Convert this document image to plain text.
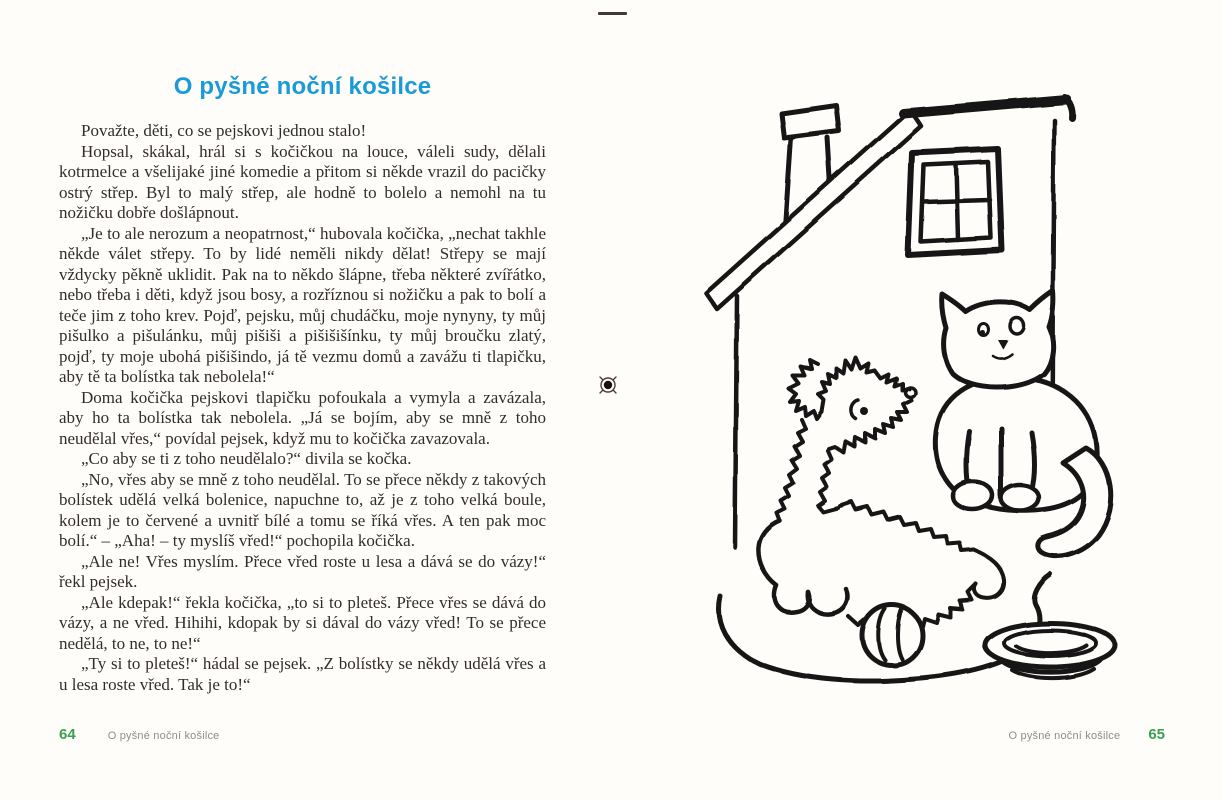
O pyšné noční košilce

Považte, děti, co se pejskovi jednou stalo!

Hopsal, skákal, hrál si s kočičkou na louce, váleli sudy, dělali kotrmelce a všelijaké jiné komedie a přitom si někde vrazil do pacičky ostrý střep. Byl to malý střep, ale hodně to bolelo a nemohl na tu nožičku dobře došlápnout.

„Je to ale nerozum a neopatrnost,“ hubovala kočička, „nechat takhle někde válet střepy. To by lidé neměli nikdy dělat! Střepy se mají vždycky pěkně uklidit. Pak na to někdo šlápne, třeba některé zvířátko, nebo třeba i děti, když jsou bosy, a rozříznou si nožičku a pak to bolí a teče jim z toho krev. Pojď, pejsku, můj chudáčku, moje nynyny, ty můj pišulko a pišulánku, můj pišiši a pišišišínku, ty můj broučku zlatý, pojď, ty moje ubohá pišišindo, já tě vezmu domů a zavážu ti tlapičku, aby tě ta bolístka tak nebolela!“

Doma kočička pejskovi tlapičku pofoukala a vymyla a zavázala, aby ho ta bolístka tak nebolela. „Já se bojím, aby se mně z toho neudělal vřes,“ povídal pejsek, když mu to kočička zavazovala.

„Co aby se ti z toho neudělalo?“ divila se kočka.

„No, vřes aby se mně z toho neudělal. To se přece někdy z takových bolístek udělá velká bolenice, napuchne to, až je z toho velká boule, kolem je to červené a uvnitř bílé a tomu se říká vřes. A ten pak moc bolí.“ – „Aha! – ty myslíš vřed!“ pochopila kočička.

„Ale ne! Vřes myslím. Přece vřed roste u lesa a dává se do vázy!“ řekl pejsek.

„Ale kdepak!“ řekla kočička, „to si to pleteš. Přece vřes se dává do vázy, a ne vřed. Hihihi, kdopak by si dával do vázy vřed! To se přece nedělá, to ne, to ne!“

„Ty si to pleteš!“ hádal se pejsek. „Z bolístky se někdy udělá vřes a u lesa roste vřed. Tak je to!“

64	O pyšné noční košilce	O pyšné noční košilce 65
